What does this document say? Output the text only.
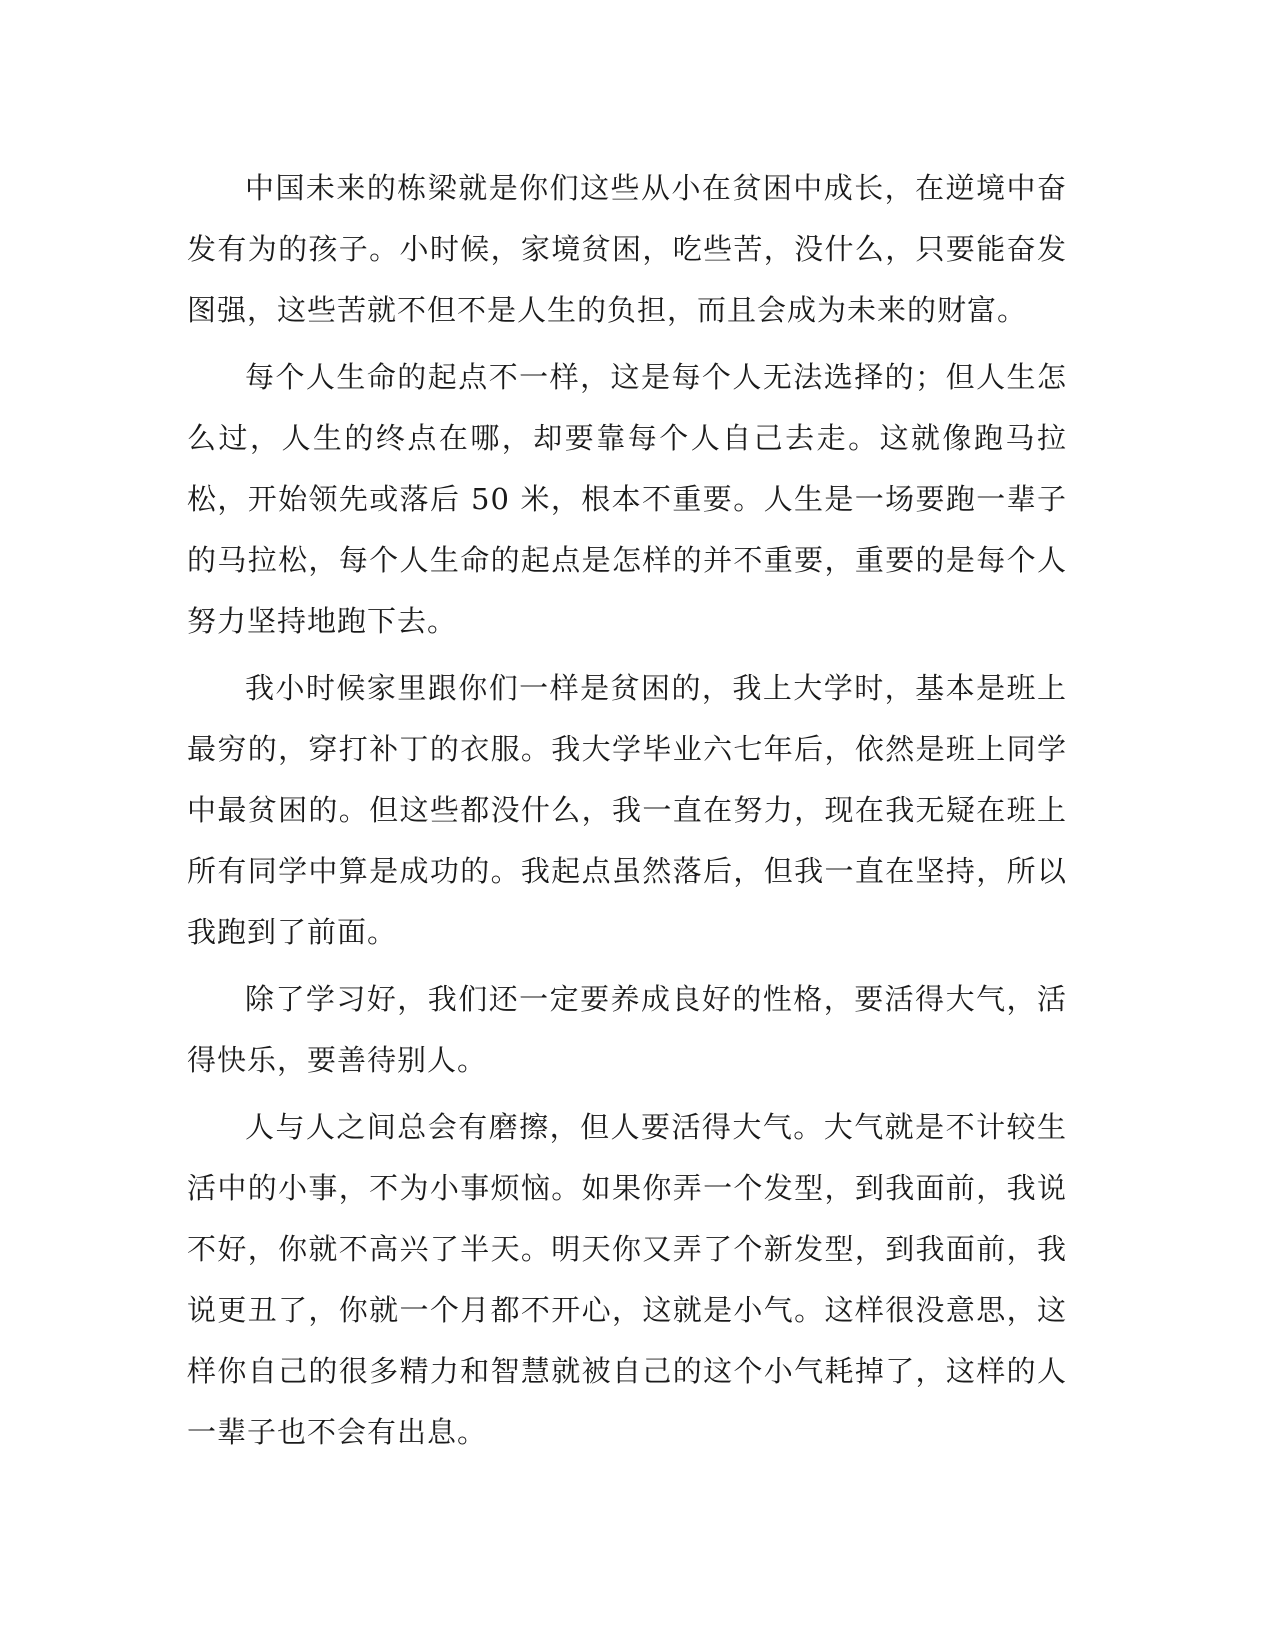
中国未来的栋梁就是你们这些从小在贫困中成长，在逆境中奋发有为的孩子。小时候，家境贫困，吃些苦，没什么，只要能奋发图强，这些苦就不但不是人生的负担，而且会成为未来的财富。

每个人生命的起点不一样，这是每个人无法选择的；但人生怎么过，人生的终点在哪，却要靠每个人自己去走。这就像跑马拉松，开始领先或落后 50 米，根本不重要。人生是一场要跑一辈子的马拉松，每个人生命的起点是怎样的并不重要，重要的是每个人努力坚持地跑下去。

我小时候家里跟你们一样是贫困的，我上大学时，基本是班上最穷的，穿打补丁的衣服。我大学毕业六七年后，依然是班上同学中最贫困的。但这些都没什么，我一直在努力，现在我无疑在班上所有同学中算是成功的。我起点虽然落后，但我一直在坚持，所以我跑到了前面。

除了学习好，我们还一定要养成良好的性格，要活得大气，活得快乐，要善待别人。

人与人之间总会有磨擦，但人要活得大气。大气就是不计较生活中的小事，不为小事烦恼。如果你弄一个发型，到我面前，我说不好，你就不高兴了半天。明天你又弄了个新发型，到我面前，我说更丑了，你就一个月都不开心，这就是小气。这样很没意思，这样你自己的很多精力和智慧就被自己的这个小气耗掉了，这样的人一辈子也不会有出息。
